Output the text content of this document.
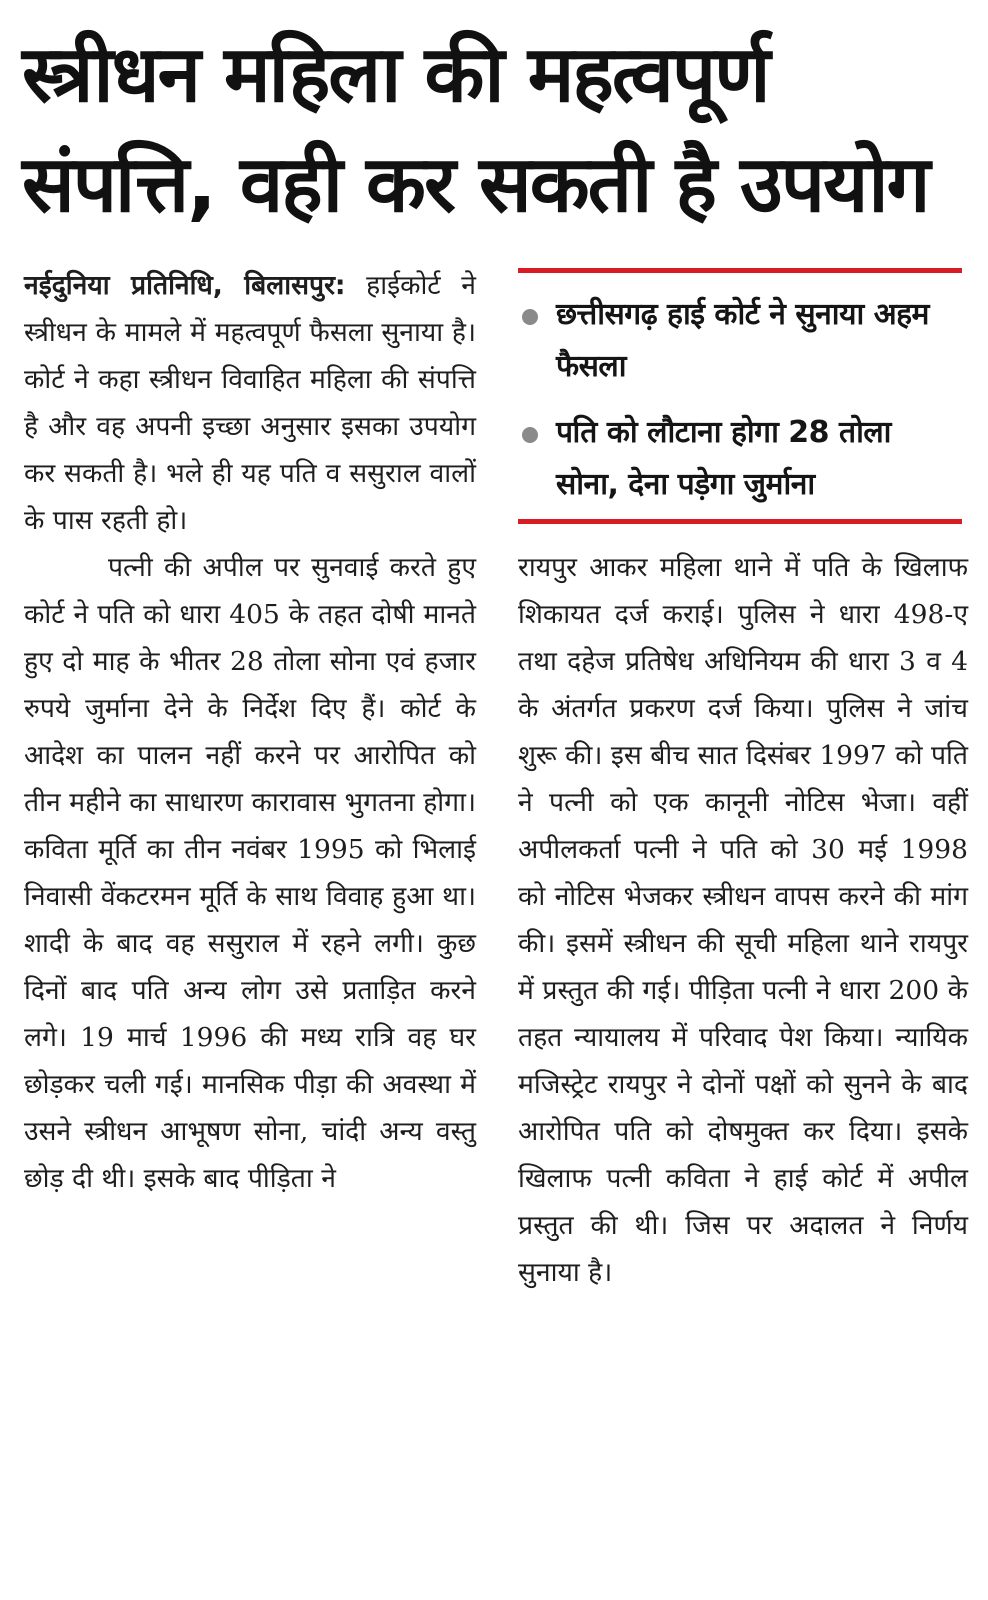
स्त्रीधन महिला की महत्वपूर्ण
संपत्ति, वही कर सकती है उपयोग

नईदुनिया प्रतिनिधि, बिलासपुर: हाईकोर्ट ने स्त्रीधन के मामले में महत्वपूर्ण फैसला सुनाया है। कोर्ट ने कहा स्त्रीधन विवाहित महिला की संपत्ति है और वह अपनी इच्छा अनुसार इसका उपयोग कर सकती है। भले ही यह पति व ससुराल वालों के पास रहती हो।

पत्नी की अपील पर सुनवाई करते हुए कोर्ट ने पति को धारा 405 के तहत दोषी मानते हुए दो माह के भीतर 28 तोला सोना एवं हजार रुपये जुर्माना देने के निर्देश दिए हैं। कोर्ट के आदेश का पालन नहीं करने पर आरोपित को तीन महीने का साधारण कारावास भुगतना होगा। कविता मूर्ति का तीन नवंबर 1995 को भिलाई निवासी वेंकटरमन मूर्ति के साथ विवाह हुआ था। शादी के बाद वह ससुराल में रहने लगी। कुछ दिनों बाद पति अन्य लोग उसे प्रताड़ित करने लगे। 19 मार्च 1996 की मध्य रात्रि वह घर छोड़कर चली गई। मानसिक पीड़ा की अवस्था में उसने स्त्रीधन आभूषण सोना, चांदी अन्य वस्तु छोड़ दी थी। इसके बाद पीड़िता ने

छत्तीसगढ़ हाई कोर्ट ने सुनाया अहम फैसला
पति को लौटाना होगा 28 तोला सोना, देना पड़ेगा जुर्माना

रायपुर आकर महिला थाने में पति के खिलाफ शिकायत दर्ज कराई। पुलिस ने धारा 498-ए तथा दहेज प्रतिषेध अधिनियम की धारा 3 व 4 के अंतर्गत प्रकरण दर्ज किया। पुलिस ने जांच शुरू की। इस बीच सात दिसंबर 1997 को पति ने पत्नी को एक कानूनी नोटिस भेजा। वहीं अपीलकर्ता पत्नी ने पति को 30 मई 1998 को नोटिस भेजकर स्त्रीधन वापस करने की मांग की। इसमें स्त्रीधन की सूची महिला थाने रायपुर में प्रस्तुत की गई। पीड़िता पत्नी ने धारा 200 के तहत न्यायालय में परिवाद पेश किया। न्यायिक मजिस्ट्रेट रायपुर ने दोनों पक्षों को सुनने के बाद आरोपित पति को दोषमुक्त कर दिया। इसके खिलाफ पत्नी कविता ने हाई कोर्ट में अपील प्रस्तुत की थी। जिस पर अदालत ने निर्णय सुनाया है।
